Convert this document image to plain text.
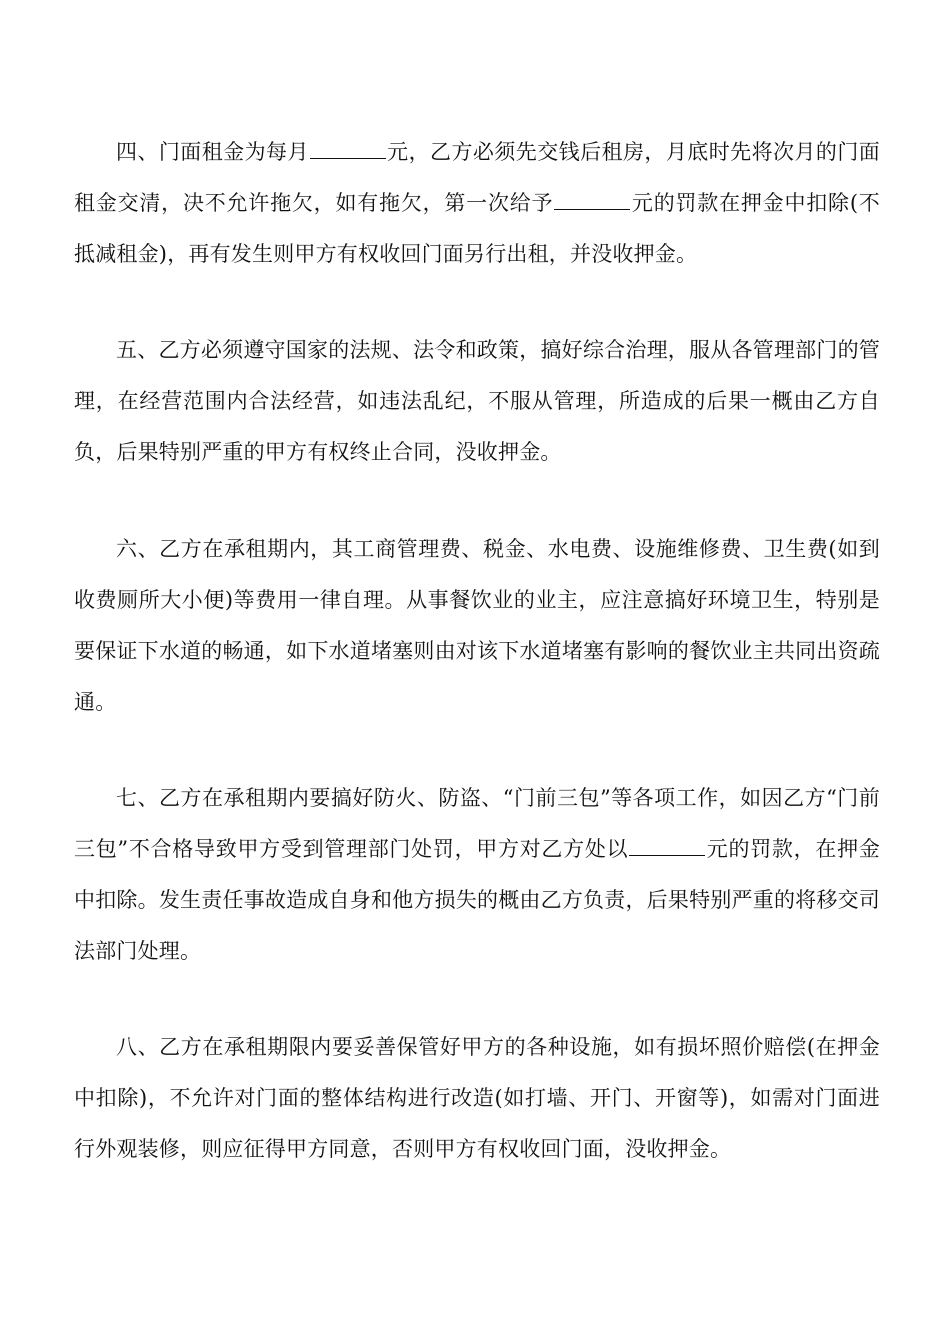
四、门面租金为每月	元，乙方必须先交钱后租房，月底时先将次月的门面租金交清，决不允许拖欠，如有拖欠，第一次给予	元的罚款在押金中扣除(不抵减租金)，再有发生则甲方有权收回门面另行出租，并没收押金。

五、乙方必须遵守国家的法规、法令和政策，搞好综合治理，服从各管理部门的管理，在经营范围内合法经营，如违法乱纪，不服从管理，所造成的后果一概由乙方自负，后果特别严重的甲方有权终止合同，没收押金。

六、乙方在承租期内，其工商管理费、税金、水电费、设施维修费、卫生费(如到收费厕所大小便)等费用一律自理。从事餐饮业的业主，应注意搞好环境卫生，特别是要保证下水道的畅通，如下水道堵塞则由对该下水道堵塞有影响的餐饮业主共同出资疏通。

七、乙方在承租期内要搞好防火、防盗、“门前三包”等各项工作，如因乙方“门前三包”不合格导致甲方受到管理部门处罚，甲方对乙方处以	元的罚款，在押金中扣除。发生责任事故造成自身和他方损失的概由乙方负责，后果特别严重的将移交司法部门处理。

八、乙方在承租期限内要妥善保管好甲方的各种设施，如有损坏照价赔偿(在押金中扣除)，不允许对门面的整体结构进行改造(如打墙、开门、开窗等)，如需对门面进行外观装修，则应征得甲方同意，否则甲方有权收回门面，没收押金。
